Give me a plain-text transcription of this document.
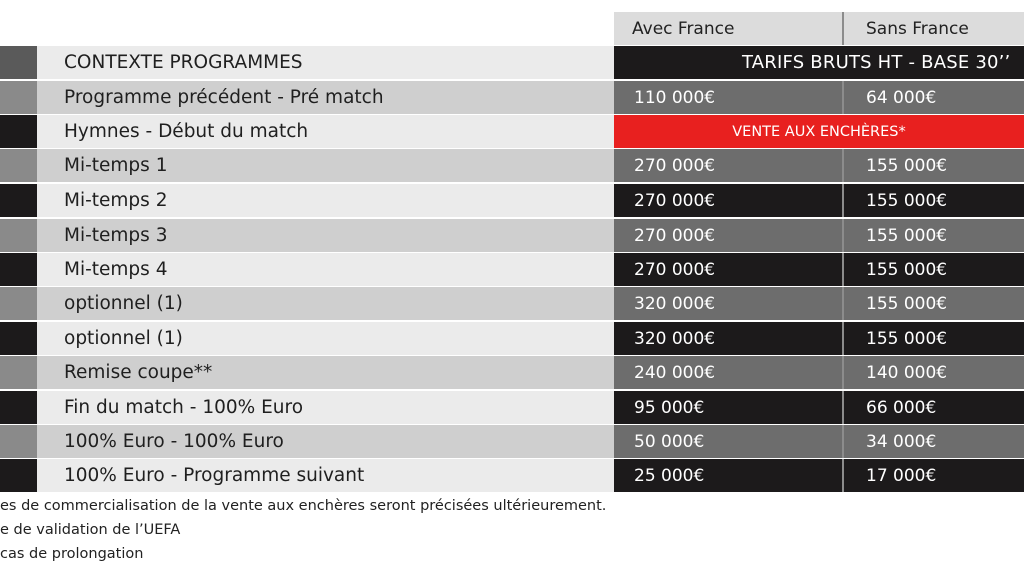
Avec France	Sans France
CONTEXTE PROGRAMMES	TARIFS BRUTS HT - BASE 30’’
Programme précédent - Pré match	110 000€	64 000€
Hymnes - Début du match	VENTE AUX ENCHÈRES*
Mi-temps 1	270 000€	155 000€
Mi-temps 2	270 000€	155 000€
Mi-temps 3	270 000€	155 000€
Mi-temps 4	270 000€	155 000€
optionnel (1)	320 000€	155 000€
optionnel (1)	320 000€	155 000€
Remise coupe**	240 000€	140 000€
Fin du match - 100% Euro	95 000€	66 000€
100% Euro - 100% Euro	50 000€	34 000€
100% Euro - Programme suivant	25 000€	17 000€
es de commercialisation de la vente aux enchères seront précisées ultérieurement.
e de validation de l’UEFA
cas de prolongation
